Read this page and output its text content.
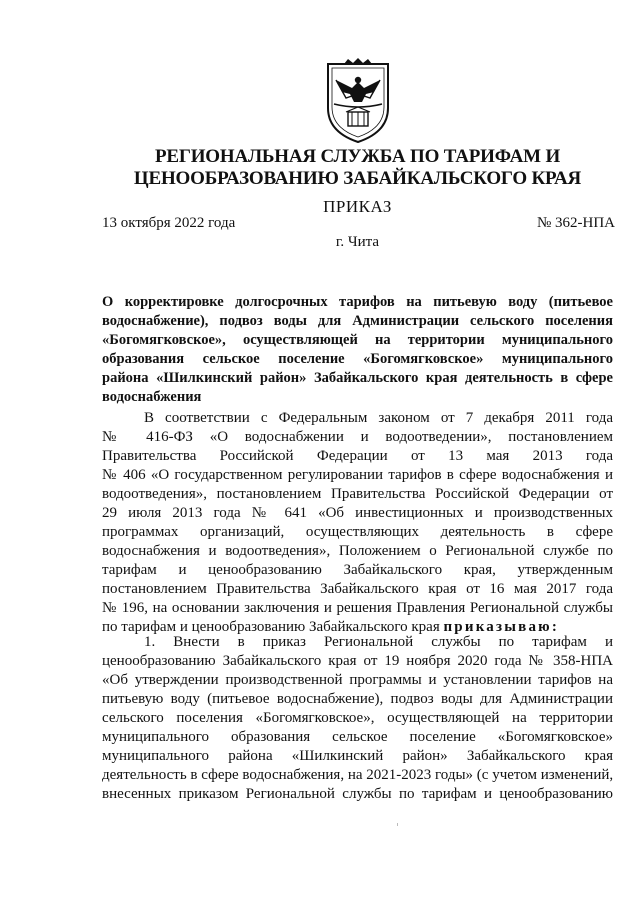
РЕГИОНАЛЬНАЯ СЛУЖБА ПО ТАРИФАМ И
ЦЕНООБРАЗОВАНИЮ ЗАБАЙКАЛЬСКОГО КРАЯ
ПРИКАЗ
13 октября 2022 года	№ 362-НПА
г. Чита
О корректировке долгосрочных тарифов на питьевую воду (питьевое
водоснабжение), подвоз воды для Администрации сельского поселения
«Богомягковское», осуществляющей на территории муниципального
образования сельское поселение «Богомягковское» муниципального
района «Шилкинский район» Забайкальского края деятельность в сфере
водоснабжения
В соответствии с Федеральным законом от 7 декабря 2011 года
№ 416-ФЗ «О водоснабжении и водоотведении», постановлением
Правительства Российской Федерации от 13 мая 2013 года
№ 406 «О государственном регулировании тарифов в сфере водоснабжения и
водоотведения», постановлением Правительства Российской Федерации от
29 июля 2013 года № 641 «Об инвестиционных и производственных
программах организаций, осуществляющих деятельность в сфере
водоснабжения и водоотведения», Положением о Региональной службе по
тарифам и ценообразованию Забайкальского края, утвержденным
постановлением Правительства Забайкальского края от 16 мая 2017 года
№ 196, на основании заключения и решения Правления Региональной службы
по тарифам и ценообразованию Забайкальского края приказываю:
1. Внести в приказ Региональной службы по тарифам и
ценообразованию Забайкальского края от 19 ноября 2020 года № 358-НПА
«Об утверждении производственной программы и установлении тарифов на
питьевую воду (питьевое водоснабжение), подвоз воды для Администрации
сельского поселения «Богомягковское», осуществляющей на территории
муниципального образования сельское поселение «Богомягковское»
муниципального района «Шилкинский район» Забайкальского края
деятельность в сфере водоснабжения, на 2021-2023 годы» (с учетом изменений,
внесенных приказом Региональной службы по тарифам и ценообразованию
